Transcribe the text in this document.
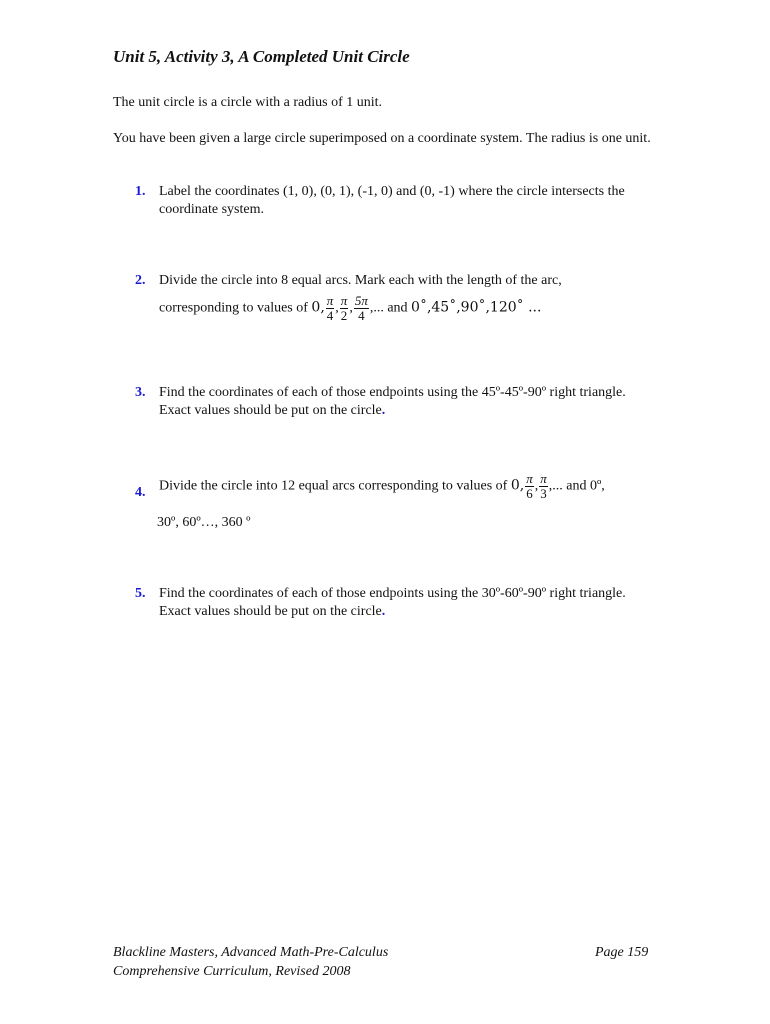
Unit 5, Activity 3, A Completed Unit Circle
The unit circle is a circle with a radius of 1 unit.
You have been given a large circle superimposed on a coordinate system. The radius is one unit.
1. Label the coordinates (1, 0), (0, 1), (-1, 0) and (0, -1) where the circle intersects the coordinate system.
2. Divide the circle into 8 equal arcs. Mark each with the length of the arc,
corresponding to values of 0, $\frac{\pi}{4}$ , $\frac{\pi}{2}$ , $\frac{5\pi}{4}$ ,... and 0˚,45˚,90˚,120˚ ...
3. Find the coordinates of each of those endpoints using the 45º-45º-90º right triangle. Exact values should be put on the circle.
4. Divide the circle into 12 equal arcs corresponding to values of 0, $\frac{\pi}{6}$ , $\frac{\pi}{3}$ ,... and 0º,
30º, 60º…, 360 º
5. Find the coordinates of each of those endpoints using the 30º-60º-90º right triangle. Exact values should be put on the circle.
Blackline Masters, Advanced Math-Pre-Calculus
Comprehensive Curriculum, Revised 2008
Page 159
